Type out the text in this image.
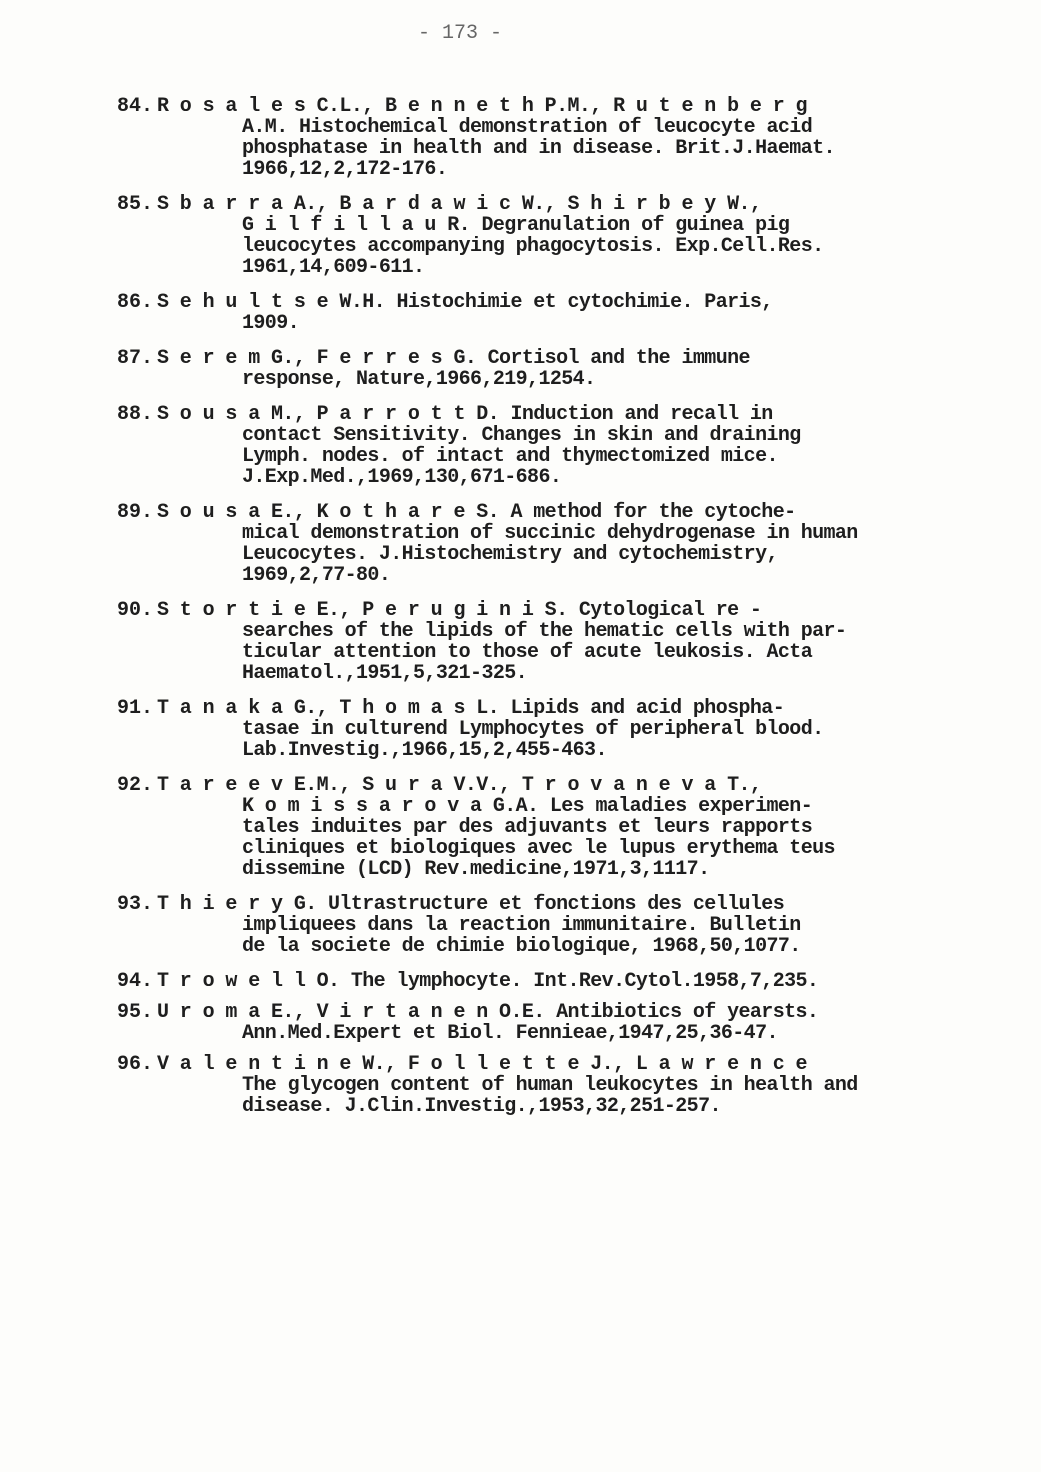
- 173 -
84. R o s a l e s C.L., B e n n e t h P.M., R u t e n b e r g
A.M. Histochemical demonstration of leucocyte acid
phosphatase in health and in disease. Brit.J.Haemat.
1966,12,2,172-176.
85. S b a r r a A., B a r d a w i c W., S h i r b e y W.,
G i l f i l l a u R. Degranulation of guinea pig
leucocytes accompanying phagocytosis. Exp.Cell.Res.
1961,14,609-611.
86. S e h u l t s e W.H. Histochimie et cytochimie. Paris,
1909.
87. S e r e m G., F e r r e s G. Cortisol and the immune
response, Nature,1966,219,1254.
88. S o u s a M., P a r r o t t D. Induction and recall in
contact Sensitivity. Changes in skin and draining
Lymph. nodes. of intact and thymectomized mice.
J.Exp.Med.,1969,130,671-686.
89. S o u s a E., K o t h a r e S. A method for the cytoche-
mical demonstration of succinic dehydrogenase in human
Leucocytes. J.Histochemistry and cytochemistry,
1969,2,77-80.
90. S t o r t i e E., P e r u g i n i S. Cytological re -
searches of the lipids of the hematic cells with par-
ticular attention to those of acute leukosis. Acta
Haematol.,1951,5,321-325.
91. T a n a k a G., T h o m a s L. Lipids and acid phospha-
tasae in culturend Lymphocytes of peripheral blood.
Lab.Investig.,1966,15,2,455-463.
92. T a r e e v E.M., S u r a V.V., T r o v a n e v a T.,
K o m i s s a r o v a G.A. Les maladies experimen-
tales induites par des adjuvants et leurs rapports
cliniques et biologiques avec le lupus erythema teus
dissemine (LCD) Rev.medicine,1971,3,1117.
93. T h i e r y G. Ultrastructure et fonctions des cellules
impliquees dans la reaction immunitaire. Bulletin
de la societe de chimie biologique, 1968,50,1077.
94. T r o w e l l O. The lymphocyte. Int.Rev.Cytol.1958,7,235.
95. U r o m a E., V i r t a n e n O.E. Antibiotics of yearsts.
Ann.Med.Expert et Biol. Fennieae,1947,25,36-47.
96. V a l e n t i n e W., F o l l e t t e J., L a w r e n c e
The glycogen content of human leukocytes in health and
disease. J.Clin.Investig.,1953,32,251-257.
